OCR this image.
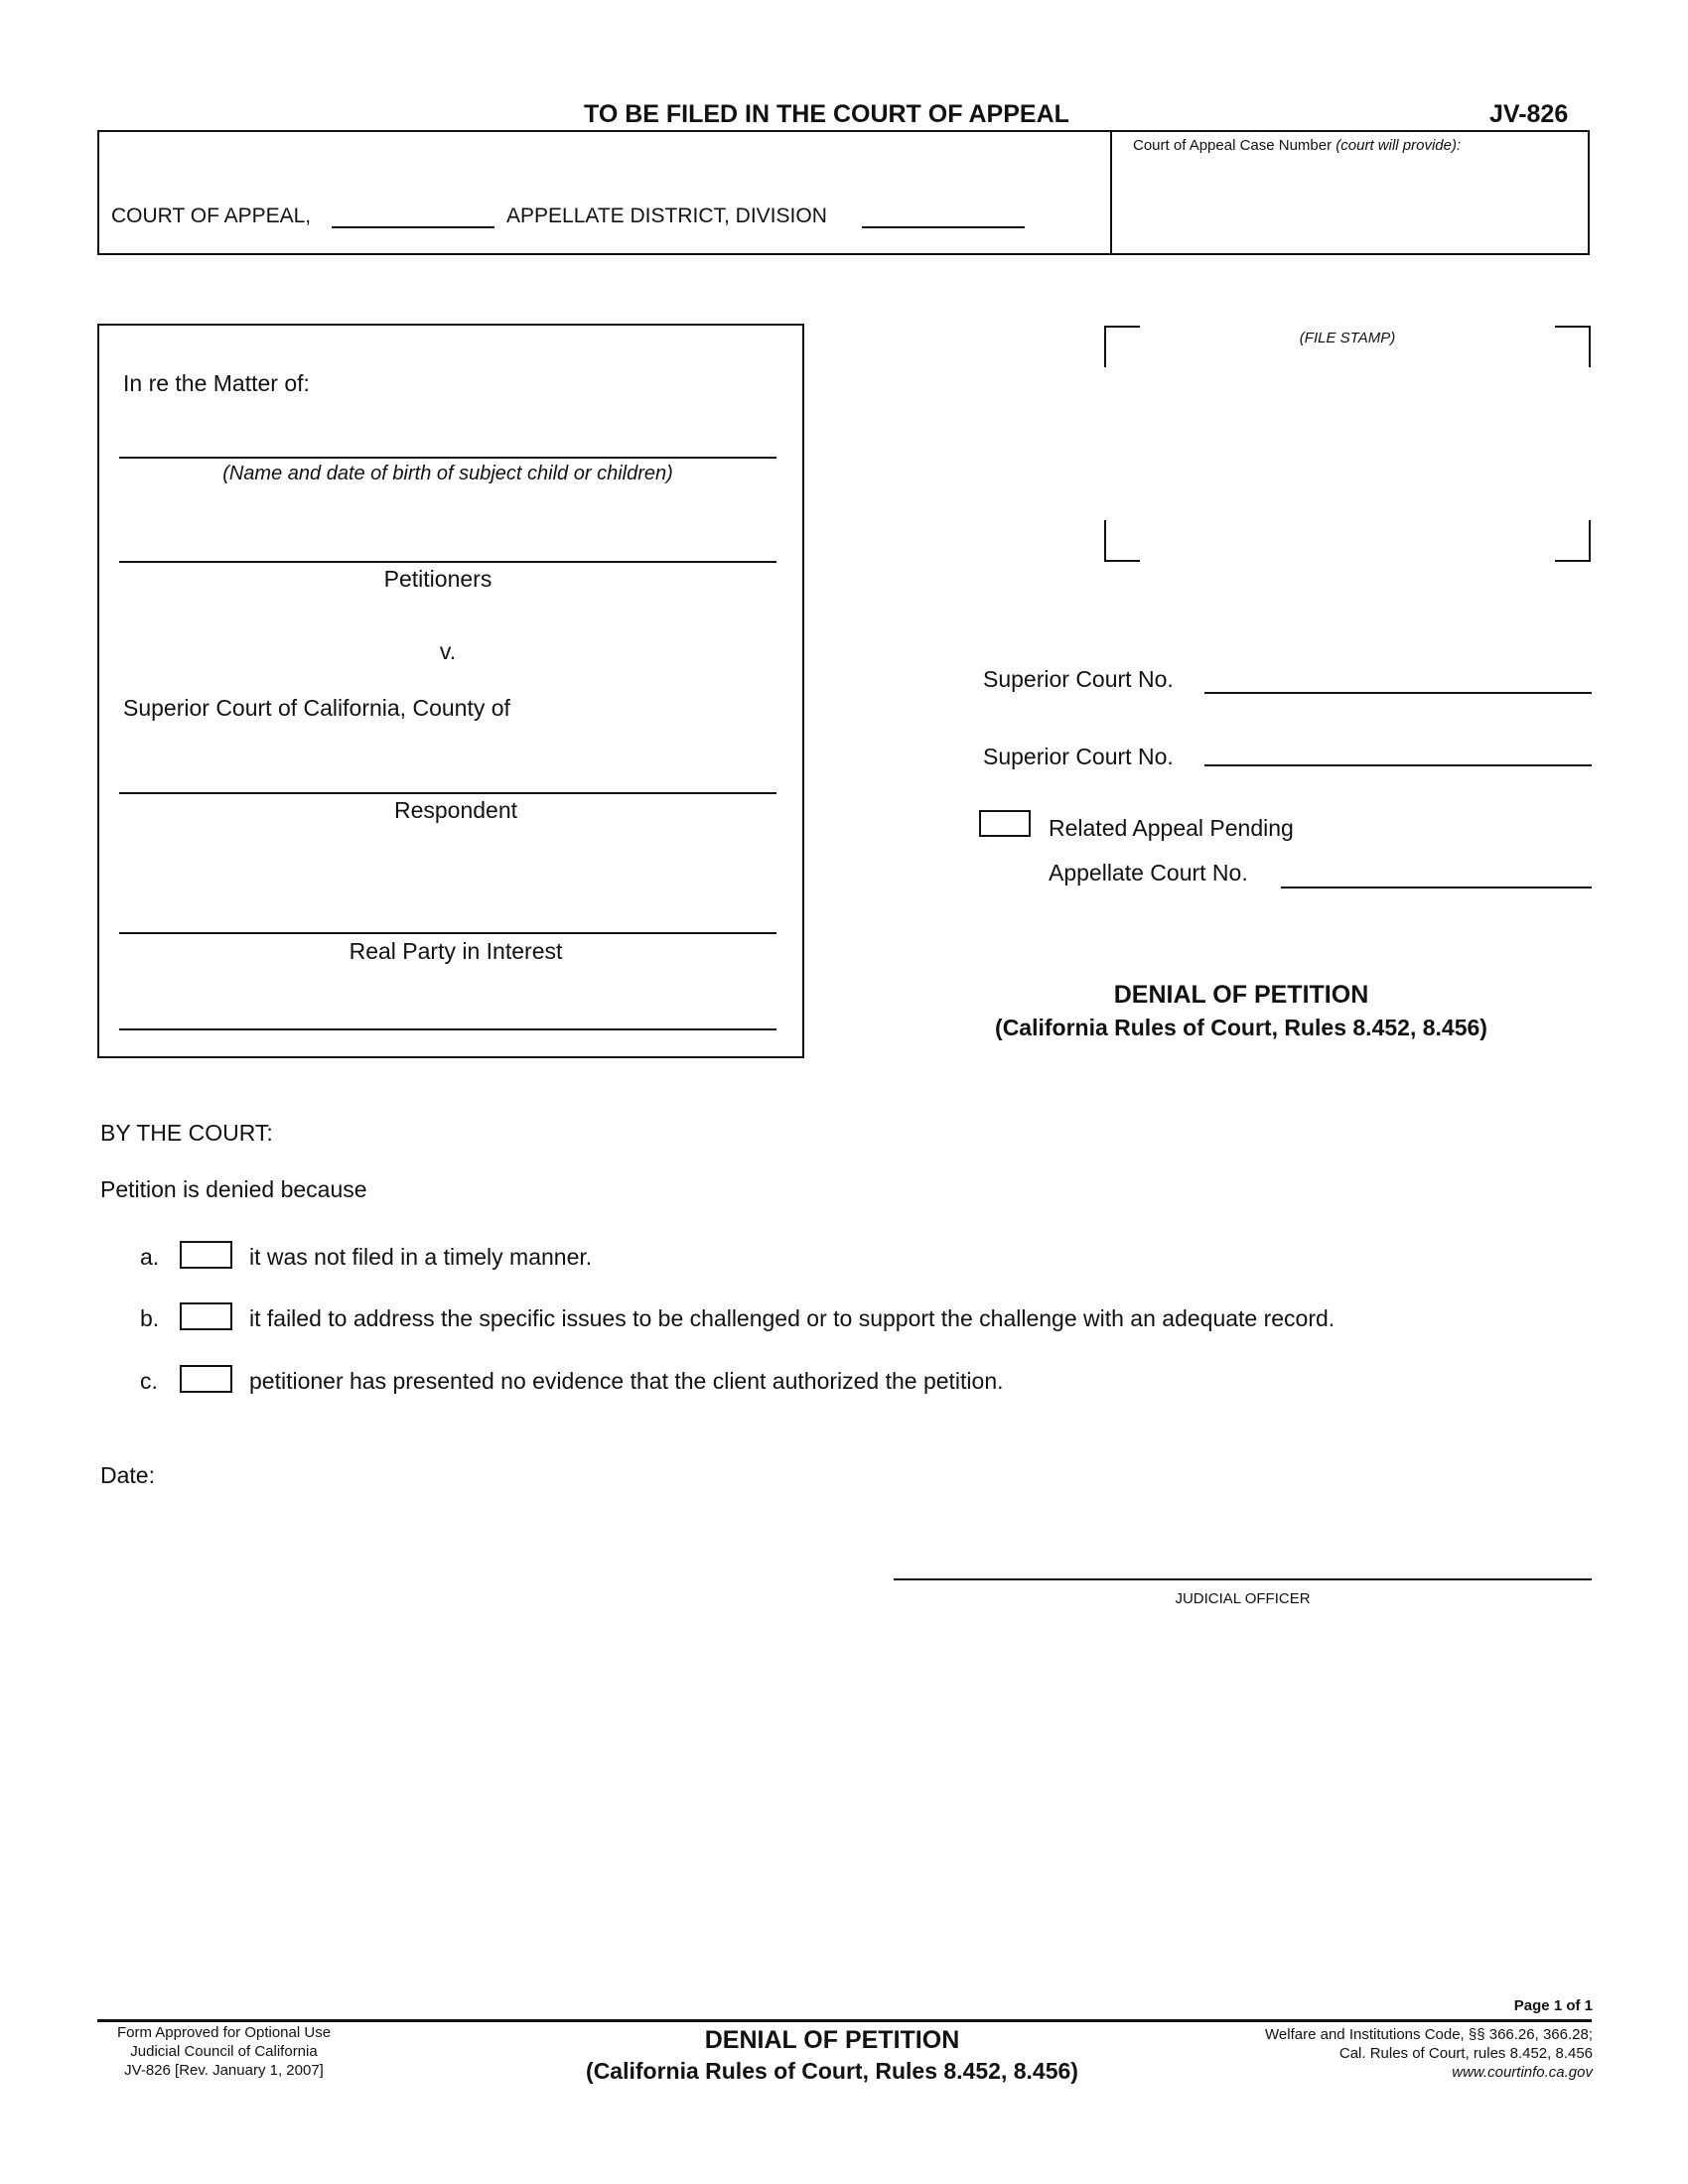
TO BE FILED IN THE COURT OF APPEAL	JV-826
Court of Appeal Case Number (court will provide):
COURT OF APPEAL,	APPELLATE DISTRICT, DIVISION
In re the Matter of:
(Name and date of birth of subject child or children)
Petitioners
v.
Superior Court of California, County of
Respondent
Real Party in Interest
(FILE STAMP)
Superior Court No.
Superior Court No.
Related Appeal Pending
Appellate Court No.
DENIAL OF PETITION
(California Rules of Court, Rules 8.452, 8.456)
BY THE COURT:
Petition is denied because
a.	it was not filed in a timely manner.
b.	it failed to address the specific issues to be challenged or to support the challenge with an adequate record.
c.	petitioner has presented no evidence that the client authorized the petition.
Date:
JUDICIAL OFFICER
Page 1 of 1
Form Approved for Optional Use
Judicial Council of California
JV-826 [Rev. January 1, 2007]
DENIAL OF PETITION
(California Rules of Court, Rules 8.452, 8.456)
Welfare and Institutions Code, §§ 366.26, 366.28;
Cal. Rules of Court, rules 8.452, 8.456
www.courtinfo.ca.gov
